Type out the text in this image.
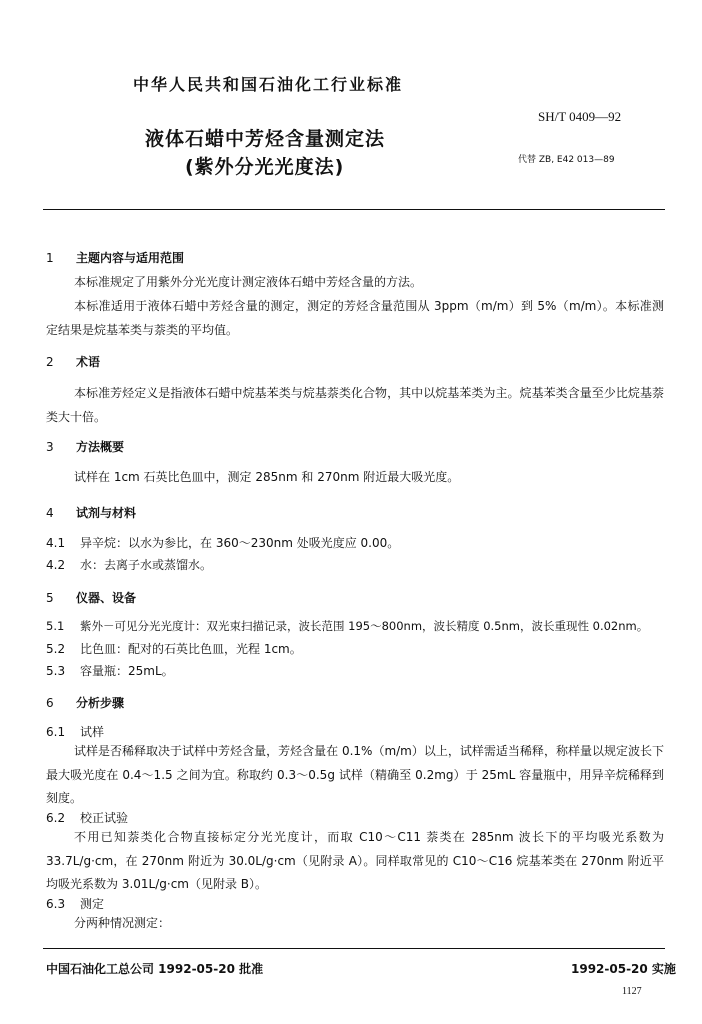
中华人民共和国石油化工行业标准
SH/T 0409—92
液体石蜡中芳烃含量测定法
(紫外分光光度法)	代替 ZB, E42 013—89
1 主题内容与适用范围
本标准规定了用紫外分光光度计测定液体石蜡中芳烃含量的方法。
本标准适用于液体石蜡中芳烃含量的测定，测定的芳烃含量范围从 3ppm（m/m）到 5%（m/m）。本标准测定结果是烷基苯类与萘类的平均值。
2 术语
本标准芳烃定义是指液体石蜡中烷基苯类与烷基萘类化合物，其中以烷基苯类为主。烷基苯类含量至少比烷基萘类大十倍。
3 方法概要
试样在 1cm 石英比色皿中，测定 285nm 和 270nm 附近最大吸光度。
4 试剂与材料
4.1 异辛烷：以水为参比，在 360～230nm 处吸光度应 0.00。
4.2 水：去离子水或蒸馏水。
5 仪器、设备
5.1 紫外－可见分光光度计：双光束扫描记录，波长范围 195～800nm，波长精度 0.5nm，波长重现性 0.02nm。
5.2 比色皿：配对的石英比色皿，光程 1cm。
5.3 容量瓶：25mL。
6 分析步骤
6.1 试样
试样是否稀释取决于试样中芳烃含量，芳烃含量在 0.1%（m/m）以上，试样需适当稀释，称样量以规定波长下最大吸光度在 0.4～1.5 之间为宜。称取约 0.3～0.5g 试样（精确至 0.2mg）于 25mL 容量瓶中，用异辛烷稀释到刻度。
6.2 校正试验
不用已知萘类化合物直接标定分光光度计，而取 C10～C11 萘类在 285nm 波长下的平均吸光系数为 33.7L/g·cm，在 270nm 附近为 30.0L/g·cm（见附录 A）。同样取常见的 C10～C16 烷基苯类在 270nm 附近平均吸光系数为 3.01L/g·cm（见附录 B）。
6.3 测定
分两种情况测定：
中国石油化工总公司 1992-05-20 批准	1992-05-20 实施
1127
